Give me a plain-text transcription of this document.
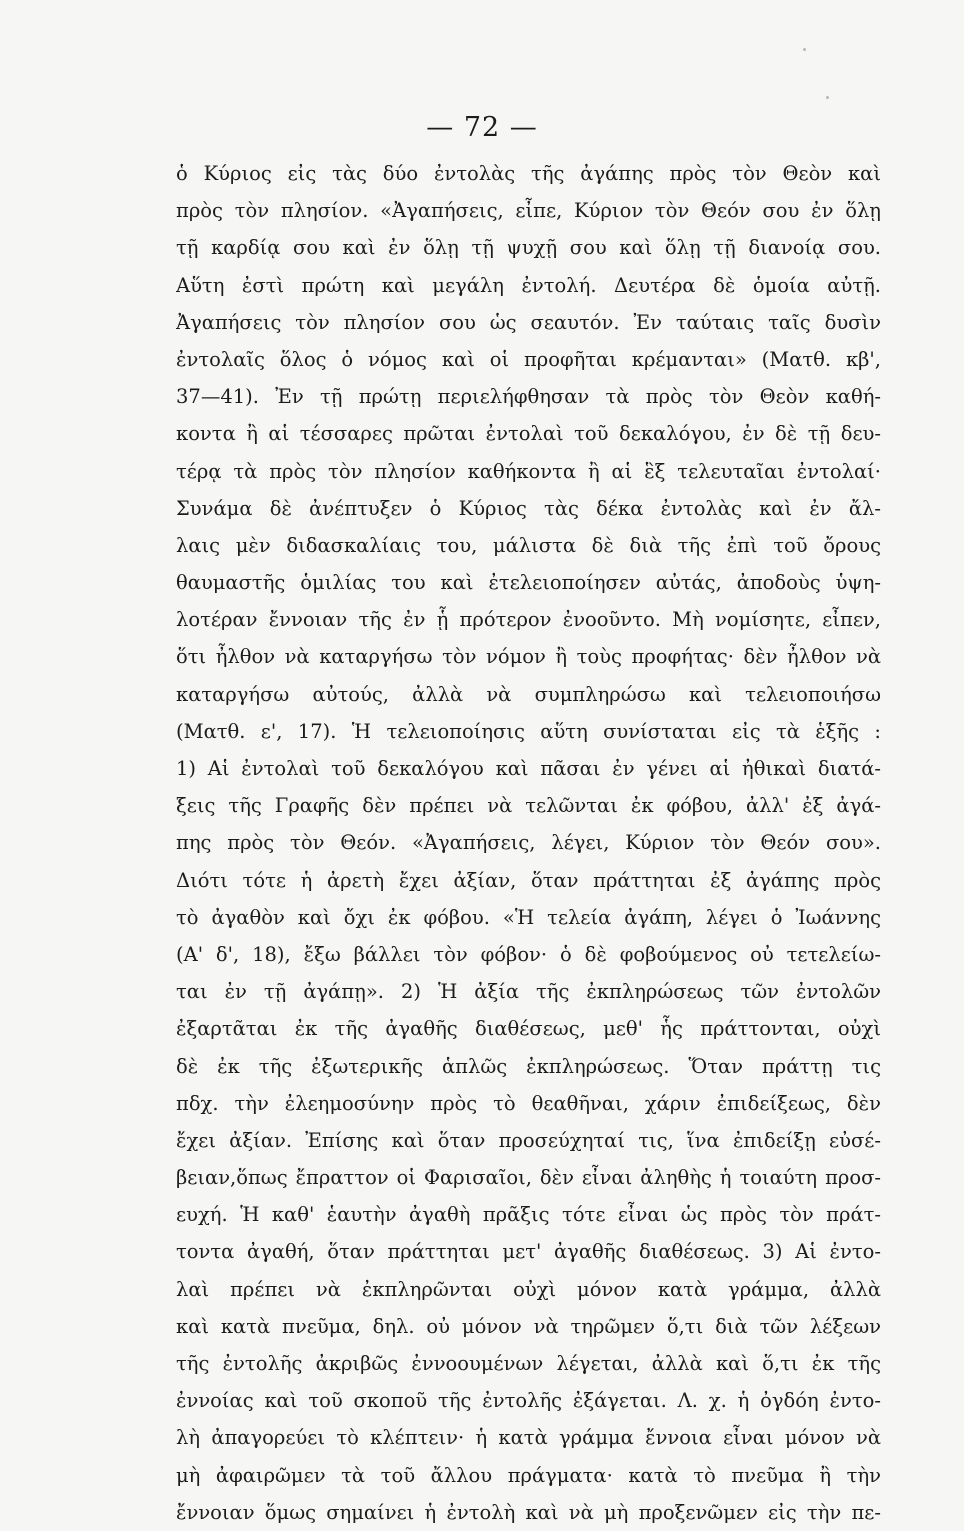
— 72 —
ὁ Κύριος εἰς τὰς δύο ἐντολὰς τῆς ἀγάπης πρὸς τὸν Θεὸν καὶ
πρὸς τὸν πλησίον. «Ἀγαπήσεις, εἶπε, Κύριον τὸν Θεόν σου ἐν ὅλῃ
τῇ καρδίᾳ σου καὶ ἐν ὅλῃ τῇ ψυχῇ σου καὶ ὅλῃ τῇ διανοίᾳ σου.
Αὕτη ἐστὶ πρώτη καὶ μεγάλη ἐντολή. Δευτέρα δὲ ὁμοία αὐτῇ.
Ἀγαπήσεις τὸν πλησίον σου ὡς σεαυτόν. Ἐν ταύταις ταῖς δυσὶν
ἐντολαῖς ὅλος ὁ νόμος καὶ οἱ προφῆται κρέμανται» (Ματθ. κβ',
37—41). Ἐν τῇ πρώτῃ περιελήφθησαν τὰ πρὸς τὸν Θεὸν καθή-
κοντα ἢ αἱ τέσσαρες πρῶται ἐντολαὶ τοῦ δεκαλόγου, ἐν δὲ τῇ δευ-
τέρᾳ τὰ πρὸς τὸν πλησίον καθήκοντα ἢ αἱ ἓξ τελευταῖαι ἐντολαί·
Συνάμα δὲ ἀνέπτυξεν ὁ Κύριος τὰς δέκα ἐντολὰς καὶ ἐν ἄλ-
λαις μὲν διδασκαλίαις του, μάλιστα δὲ διὰ τῆς ἐπὶ τοῦ ὄρους
θαυμαστῆς ὁμιλίας του καὶ ἐτελειοποίησεν αὐτάς, ἀποδοὺς ὑψη-
λοτέραν ἔννοιαν τῆς ἐν ᾗ πρότερον ἐνοοῦντο. Μὴ νομίσητε, εἶπεν,
ὅτι ἦλθον νὰ καταργήσω τὸν νόμον ἢ τοὺς προφήτας· δὲν ἦλθον νὰ
καταργήσω αὐτούς, ἀλλὰ νὰ συμπληρώσω καὶ τελειοποιήσω
(Ματθ. ε', 17). Ἡ τελειοποίησις αὕτη συνίσταται εἰς τὰ ἑξῆς :
1) Αἱ ἐντολαὶ τοῦ δεκαλόγου καὶ πᾶσαι ἐν γένει αἱ ἠθικαὶ διατά-
ξεις τῆς Γραφῆς δὲν πρέπει νὰ τελῶνται ἐκ φόβου, ἀλλ' ἐξ ἀγά-
πης πρὸς τὸν Θεόν. «Ἀγαπήσεις, λέγει, Κύριον τὸν Θεόν σου».
Διότι τότε ἡ ἀρετὴ ἔχει ἀξίαν, ὅταν πράττηται ἐξ ἀγάπης πρὸς
τὸ ἀγαθὸν καὶ ὄχι ἐκ φόβου. «Ἡ τελεία ἀγάπη, λέγει ὁ Ἰωάννης
(Α' δ', 18), ἔξω βάλλει τὸν φόβον· ὁ δὲ φοβούμενος οὐ τετελείω-
ται ἐν τῇ ἀγάπῃ». 2) Ἡ ἀξία τῆς ἐκπληρώσεως τῶν ἐντολῶν
ἐξαρτᾶται ἐκ τῆς ἀγαθῆς διαθέσεως, μεθ' ἧς πράττονται, οὐχὶ
δὲ ἐκ τῆς ἐξωτερικῆς ἁπλῶς ἐκπληρώσεως. Ὅταν πράττῃ τις
πδχ. τὴν ἐλεημοσύνην πρὸς τὸ θεαθῆναι, χάριν ἐπιδείξεως, δὲν
ἔχει ἀξίαν. Ἐπίσης καὶ ὅταν προσεύχηταί τις, ἵνα ἐπιδείξῃ εὐσέ-
βειαν,ὅπως ἔπραττον οἱ Φαρισαῖοι, δὲν εἶναι ἀληθὴς ἡ τοιαύτη προσ-
ευχή. Ἡ καθ' ἑαυτὴν ἀγαθὴ πρᾶξις τότε εἶναι ὡς πρὸς τὸν πράτ-
τοντα ἀγαθή, ὅταν πράττηται μετ' ἀγαθῆς διαθέσεως. 3) Αἱ ἐντο-
λαὶ πρέπει νὰ ἐκπληρῶνται οὐχὶ μόνον κατὰ γράμμα, ἀλλὰ
καὶ κατὰ πνεῦμα, δηλ. οὐ μόνον νὰ τηρῶμεν ὅ,τι διὰ τῶν λέξεων
τῆς ἐντολῆς ἀκριβῶς ἐννοουμένων λέγεται, ἀλλὰ καὶ ὅ,τι ἐκ τῆς
ἐννοίας καὶ τοῦ σκοποῦ τῆς ἐντολῆς ἐξάγεται. Λ. χ. ἡ ὀγδόη ἐντο-
λὴ ἀπαγορεύει τὸ κλέπτειν· ἡ κατὰ γράμμα ἔννοια εἶναι μόνον νὰ
μὴ ἀφαιρῶμεν τὰ τοῦ ἄλλου πράγματα· κατὰ τὸ πνεῦμα ἢ τὴν
ἔννοιαν ὅμως σημαίνει ἡ ἐντολὴ καὶ νὰ μὴ προξενῶμεν εἰς τὴν πε-
